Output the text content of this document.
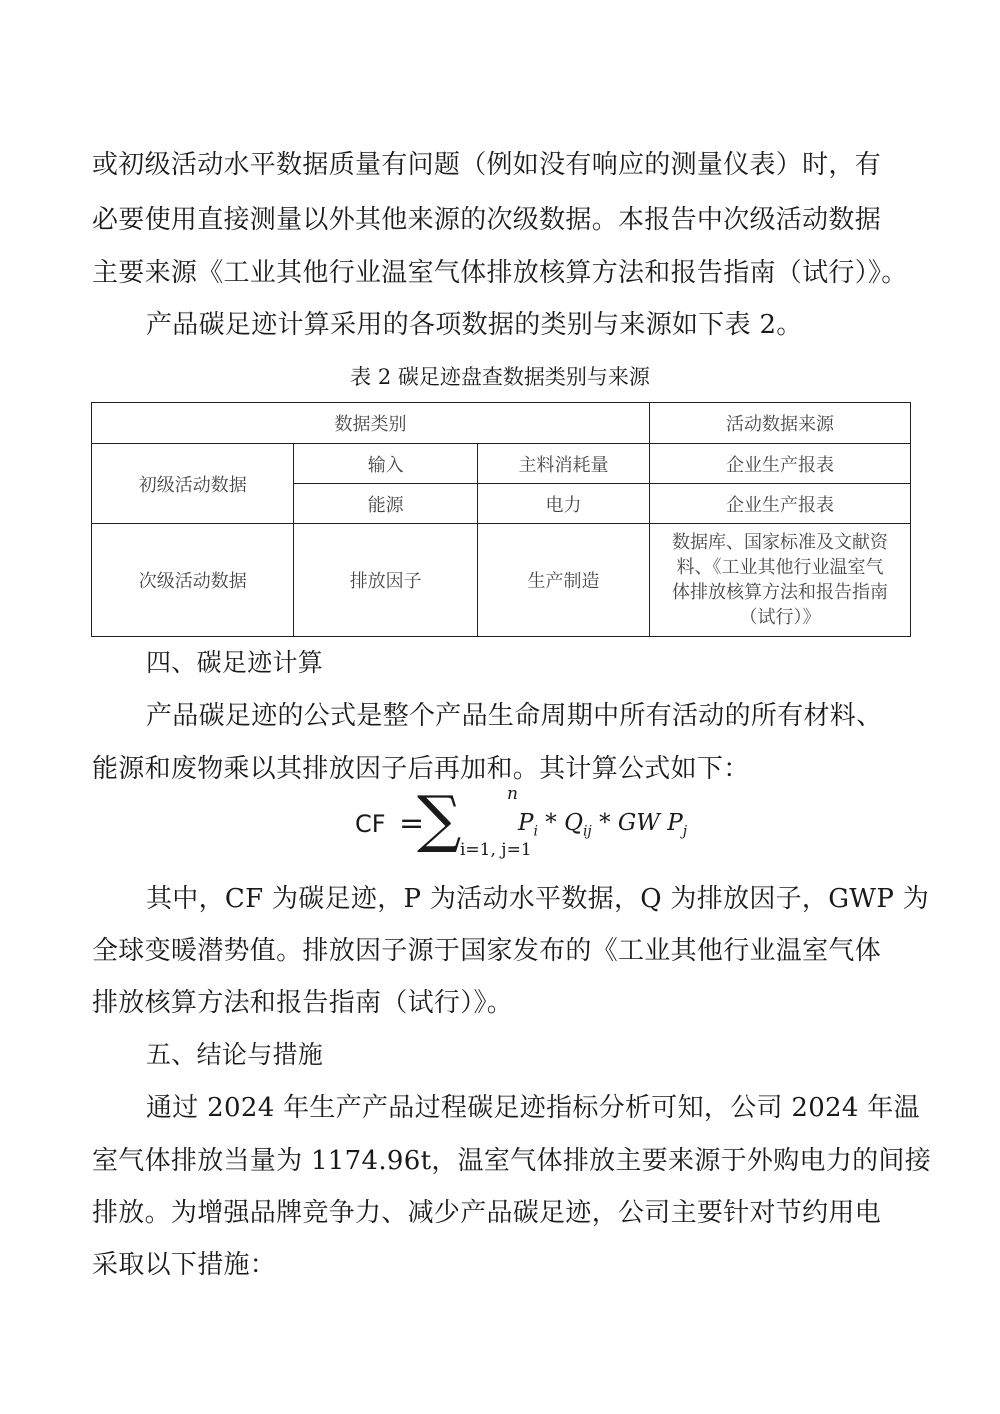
或初级活动水平数据质量有问题（例如没有响应的测量仪表）时，有
必要使用直接测量以外其他来源的次级数据。本报告中次级活动数据
主要来源《工业其他行业温室气体排放核算方法和报告指南（试行）》。
产品碳足迹计算采用的各项数据的类别与来源如下表 2。
表 2 碳足迹盘查数据类别与来源
数据类别			活动数据来源
初级活动数据	输入	主料消耗量	企业生产报表
	能源	电力	企业生产报表
次级活动数据	排放因子	生产制造	数据库、国家标准及文献资
料、《工业其他行业温室气
体排放核算方法和报告指南
（试行）》
四、碳足迹计算
产品碳足迹的公式是整个产品生命周期中所有活动的所有材料、
能源和废物乘以其排放因子后再加和。其计算公式如下：
CF =
∑	n
i=1, j=1
$P_i * Q_{ij}$ * GW $P_j$
其中，CF 为碳足迹，P 为活动水平数据，Q 为排放因子，GWP 为
全球变暖潜势值。排放因子源于国家发布的《工业其他行业温室气体
排放核算方法和报告指南（试行）》。
五、结论与措施
通过 2024 年生产产品过程碳足迹指标分析可知，公司 2024 年温
室气体排放当量为 1174.96t，温室气体排放主要来源于外购电力的间接
排放。为增强品牌竞争力、减少产品碳足迹，公司主要针对节约用电
采取以下措施：
